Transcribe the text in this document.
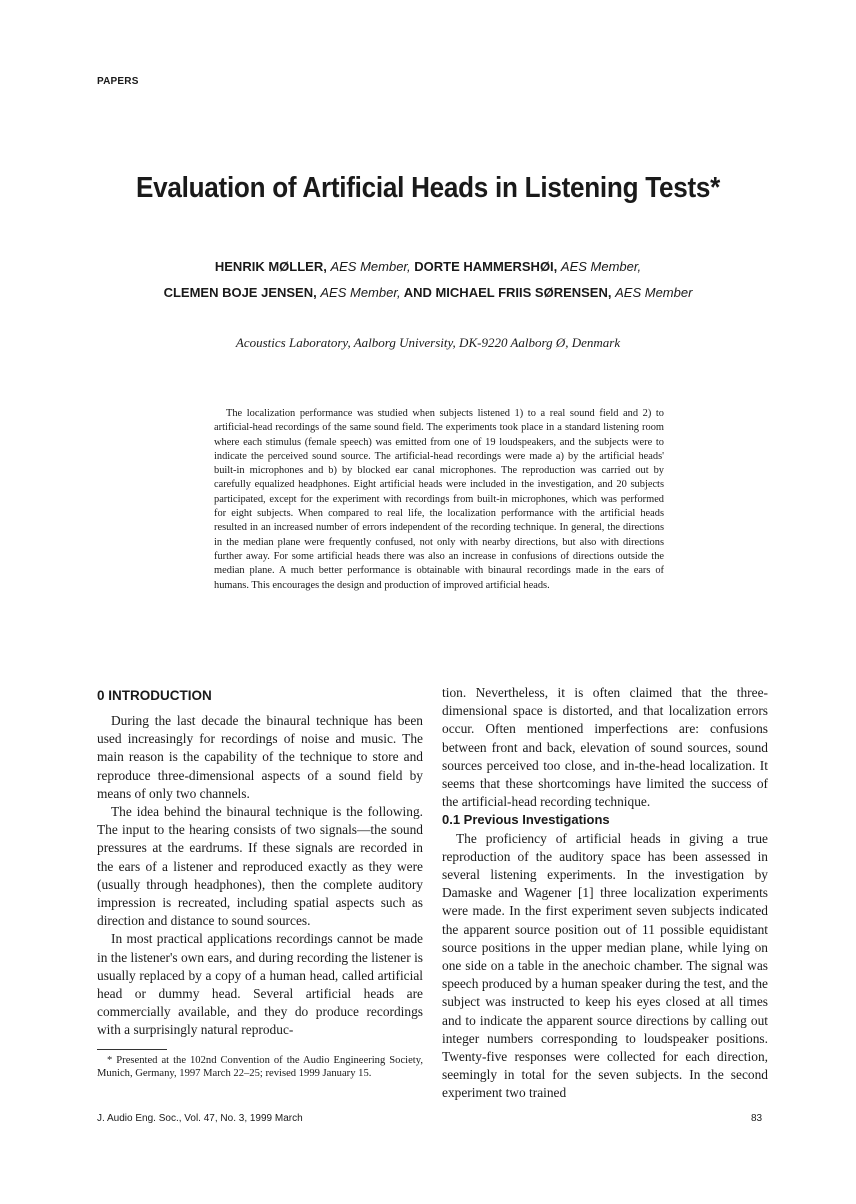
PAPERS
Evaluation of Artificial Heads in Listening Tests*
HENRIK MØLLER, AES Member, DORTE HAMMERSHØI, AES Member,
CLEMEN BOJE JENSEN, AES Member, AND MICHAEL FRIIS SØRENSEN, AES Member
Acoustics Laboratory, Aalborg University, DK-9220 Aalborg Ø, Denmark

The localization performance was studied when subjects listened 1) to a real sound field and 2) to artificial-head recordings of the same sound field. The experiments took place in a standard listening room where each stimulus (female speech) was emitted from one of 19 loudspeakers, and the subjects were to indicate the perceived sound source. The artificial-head recordings were made a) by the artificial heads' built-in microphones and b) by blocked ear canal microphones. The reproduction was carried out by carefully equalized headphones. Eight artificial heads were included in the investigation, and 20 subjects participated, except for the experiment with recordings from built-in microphones, which was performed for eight subjects. When compared to real life, the localization performance with the artificial heads resulted in an increased number of errors independent of the recording technique. In general, the directions in the median plane were frequently confused, not only with nearby directions, but also with directions further away. For some artificial heads there was also an increase in confusions of directions outside the median plane. A much better performance is obtainable with binaural recordings made in the ears of humans. This encourages the design and production of improved artificial heads.

0 INTRODUCTION

During the last decade the binaural technique has been used increasingly for recordings of noise and music. The main reason is the capability of the technique to store and reproduce three-dimensional aspects of a sound field by means of only two channels.

The idea behind the binaural technique is the following. The input to the hearing consists of two signals—the sound pressures at the eardrums. If these signals are recorded in the ears of a listener and reproduced exactly as they were (usually through headphones), then the complete auditory impression is recreated, including spatial aspects such as direction and distance to sound sources.

In most practical applications recordings cannot be made in the listener's own ears, and during recording the listener is usually replaced by a copy of a human head, called artificial head or dummy head. Several artificial heads are commercially available, and they do produce recordings with a surprisingly natural reproduc-

tion. Nevertheless, it is often claimed that the three-dimensional space is distorted, and that localization errors occur. Often mentioned imperfections are: confusions between front and back, elevation of sound sources, sound sources perceived too close, and in-the-head localization. It seems that these shortcomings have limited the success of the artificial-head recording technique.

0.1 Previous Investigations

The proficiency of artificial heads in giving a true reproduction of the auditory space has been assessed in several listening experiments. In the investigation by Damaske and Wagener [1] three localization experiments were made. In the first experiment seven subjects indicated the apparent source position out of 11 possible equidistant source positions in the upper median plane, while lying on one side on a table in the anechoic chamber. The signal was speech produced by a human speaker during the test, and the subject was instructed to keep his eyes closed at all times and to indicate the apparent source directions by calling out integer numbers corresponding to loudspeaker positions. Twenty-five responses were collected for each direction, seemingly in total for the seven subjects. In the second experiment two trained

* Presented at the 102nd Convention of the Audio Engineering Society, Munich, Germany, 1997 March 22–25; revised 1999 January 15.

J. Audio Eng. Soc., Vol. 47, No. 3, 1999 March	83
